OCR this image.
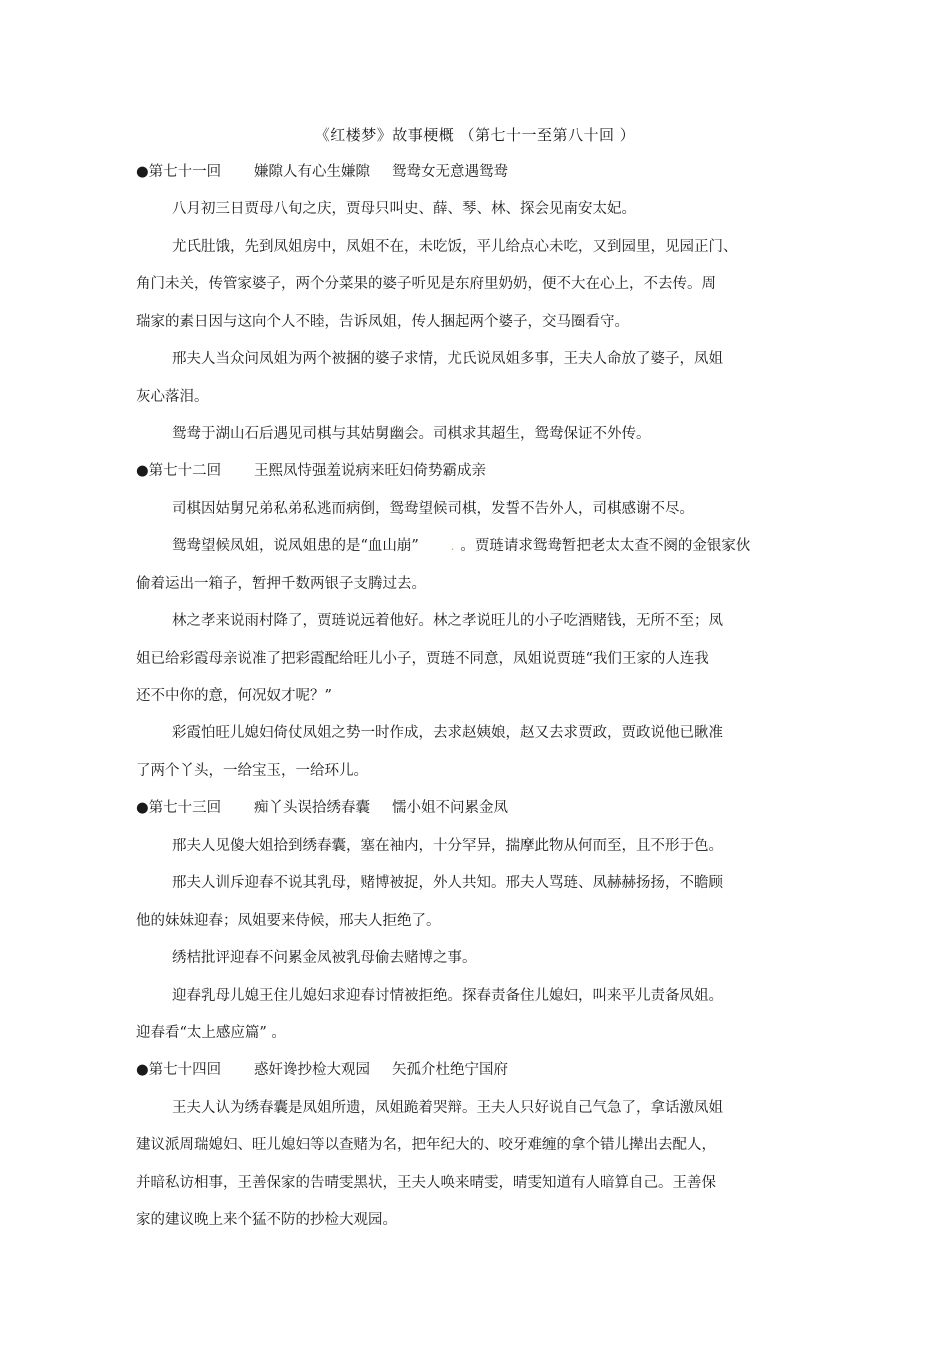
《红楼梦》故事梗概 （第七十一至第八十回 ）
●第七十一回 嫌隙人有心生嫌隙 鸳鸯女无意遇鸳鸯
八月初三日贾母八旬之庆，贾母只叫史、薛、琴、林、探会见南安太妃。
尤氏肚饿，先到凤姐房中，凤姐不在，未吃饭，平儿给点心未吃，又到园里，见园正门、
角门未关，传管家婆子，两个分菜果的婆子听见是东府里奶奶，便不大在心上，不去传。周
瑞家的素日因与这向个人不睦，告诉凤姐，传人捆起两个婆子，交马圈看守。
邢夫人当众问凤姐为两个被捆的婆子求情，尤氏说凤姐多事，王夫人命放了婆子，凤姐
灰心落泪。
鸳鸯于湖山石后遇见司棋与其姑舅幽会。司棋求其超生，鸳鸯保证不外传。
●第七十二回 王熙凤恃强羞说病来旺妇倚势霸成亲
司棋因姑舅兄弟私弟私逃而病倒，鸳鸯望候司棋，发誓不告外人，司棋感谢不尽。
鸳鸯望候凤姐，说凤姐患的是“血山崩”	. 。贾琏请求鸳鸯暂把老太太查不阕的金银家伙
偷着运出一箱子，暂押千数两银子支腾过去。
林之孝来说雨村降了，贾琏说远着他好。林之孝说旺儿的小子吃酒赌钱，无所不至；凤
姐已给彩霞母亲说准了把彩霞配给旺儿小子，贾琏不同意，凤姐说贾琏“我们王家的人连我
还不中你的意，何况奴才呢？”
彩霞怕旺儿媳妇倚仗凤姐之势一时作成，去求赵姨娘，赵又去求贾政，贾政说他已瞅准
了两个丫头，一给宝玉，一给环儿。
●第七十三回 痴丫头误拾绣春囊 懦小姐不问累金凤
邢夫人见傻大姐拾到绣春囊，塞在袖内，十分罕异，揣摩此物从何而至，且不形于色。
邢夫人训斥迎春不说其乳母，赌博被捉，外人共知。邢夫人骂琏、凤赫赫扬扬，不瞻顾
他的妹妹迎春；凤姐要来侍候，邢夫人拒绝了。
绣桔批评迎春不问累金凤被乳母偷去赌博之事。
迎春乳母儿媳王住儿媳妇求迎春讨情被拒绝。探春责备住儿媳妇，叫来平儿责备凤姐。
迎春看“太上感应篇” 。
●第七十四回 惑奸谗抄检大观园 矢孤介杜绝宁国府
王夫人认为绣春囊是凤姐所遗，凤姐跪着哭辩。王夫人只好说自己气急了，拿话激凤姐
建议派周瑞媳妇、旺儿媳妇等以查赌为名，把年纪大的、咬牙难缠的拿个错儿撵出去配人，
并暗私访相事，王善保家的告晴雯黑状，王夫人唤来晴雯，晴雯知道有人暗算自己。王善保
家的建议晚上来个猛不防的抄检大观园。
